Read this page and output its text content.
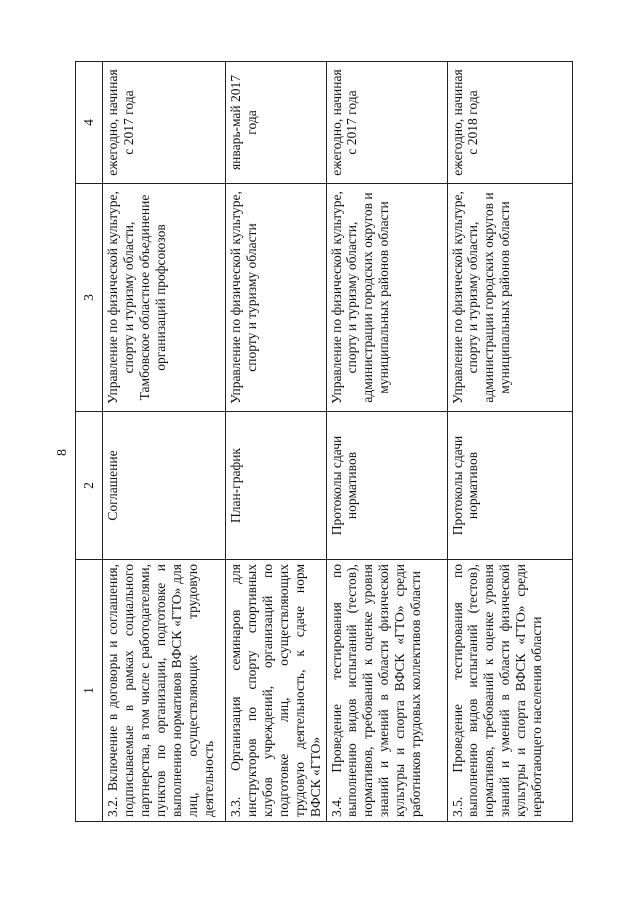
8
1	2	3	4
3.2. Включение в договоры и соглашения, подписываемые в рамках социального партнерства, в том числе с работодателями, пунктов по организации, подготовке и выполнению нормативов ВФСК «ГТО» для лиц, осуществляющих трудовую деятельность	Соглашение	Управление по физической культуре, спорту и туризму области, Тамбовское областное объединение организаций профсоюзов	ежегодно, начиная с 2017 года
3.3. Организация семинаров для инструкторов по спорту спортивных клубов учреждений, организаций по подготовке лиц, осуществляющих трудовую деятельность, к сдаче норм ВФСК «ГТО»	План-график	Управление по физической культуре, спорту и туризму области	январь-май 2017 года
3.4. Проведение тестирования по выполнению видов испытаний (тестов), нормативов, требований к оценке уровня знаний и умений в области физической культуры и спорта ВФСК «ГТО» среди работников трудовых коллективов области	Протоколы сдачи нормативов	Управление по физической культуре, спорту и туризму области, администрации городских округов и муниципальных районов области	ежегодно, начиная с 2017 года
3.5. Проведение тестирования по выполнению видов испытаний (тестов), нормативов, требований к оценке уровня знаний и умений в области физической культуры и спорта ВФСК «ГТО» среди неработающего населения области	Протоколы сдачи нормативов	Управление по физической культуре, спорту и туризму области, администрации городских округов и муниципальных районов области	ежегодно, начиная с 2018 года
